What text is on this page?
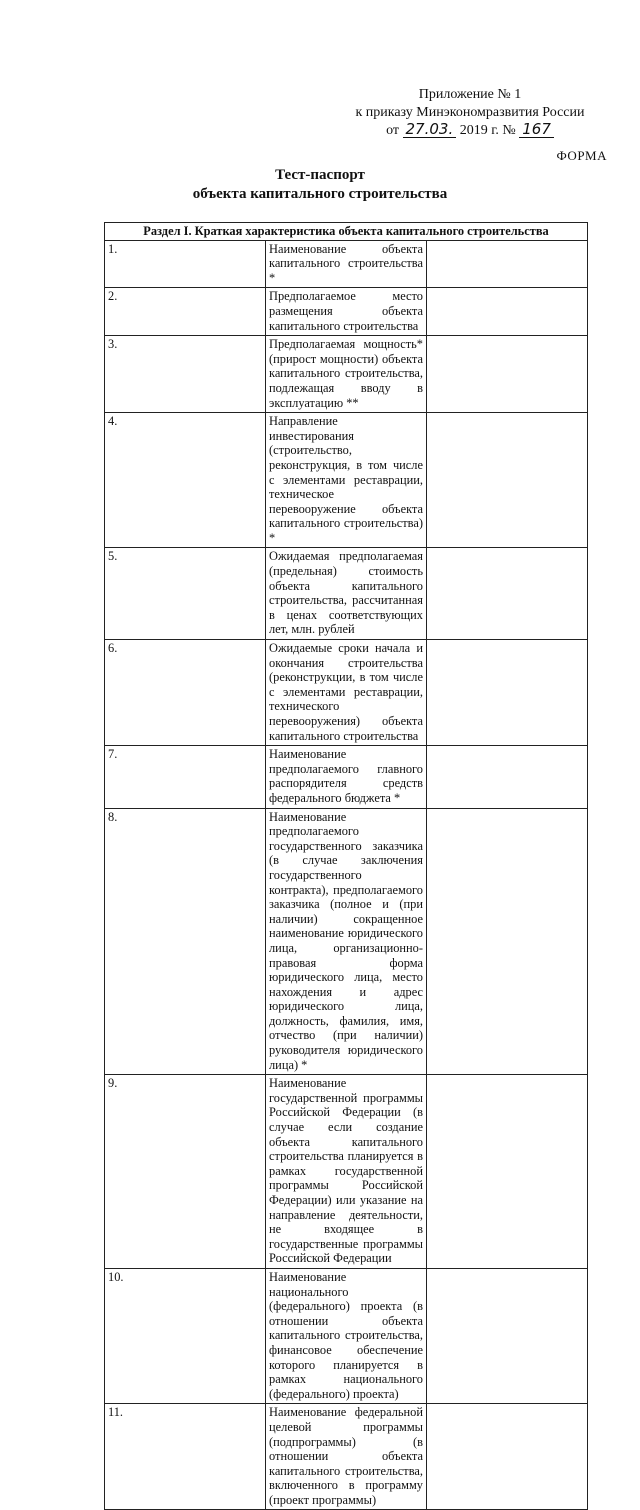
Приложение № 1
к приказу Минэкономразвития России
от 27.03. 2019 г. № 167
ФОРМА
Тест-паспорт
объекта капитального строительства
Раздел I. Краткая характеристика объекта капитального строительства		
1.	Наименование объекта капитального строительства *	
2.	Предполагаемое место размещения объекта капитального строительства	
3.	Предполагаемая мощность* (прирост мощности) объекта капитального строительства, подлежащая вводу в эксплуатацию **	
4.	Направление инвестирования (строительство, реконструкция, в том числе с элементами реставрации, техническое перевооружение объекта капитального строительства) *	
5.	Ожидаемая предполагаемая (предельная) стоимость объекта капитального строительства, рассчитанная в ценах соответствующих лет, млн. рублей	
6.	Ожидаемые сроки начала и окончания строительства (реконструкции, в том числе с элементами реставрации, технического перевооружения) объекта капитального строительства	
7.	Наименование предполагаемого главного распорядителя средств федерального бюджета *	
8.	Наименование предполагаемого государственного заказчика (в случае заключения государственного контракта), предполагаемого заказчика (полное и (при наличии) сокращенное наименование юридического лица, организационно-правовая форма юридического лица, место нахождения и адрес юридического лица, должность, фамилия, имя, отчество (при наличии) руководителя юридического лица) *	
9.	Наименование государственной программы Российской Федерации (в случае если создание объекта капитального строительства планируется в рамках государственной программы Российской Федерации) или указание на направление деятельности, не входящее в государственные программы Российской Федерации	
10.	Наименование национального (федерального) проекта (в отношении объекта капитального строительства, финансовое обеспечение которого планируется в рамках национального (федерального) проекта)	
11.	Наименование федеральной целевой программы (подпрограммы) (в отношении объекта капитального строительства, включенного в программу (проект программы)	
